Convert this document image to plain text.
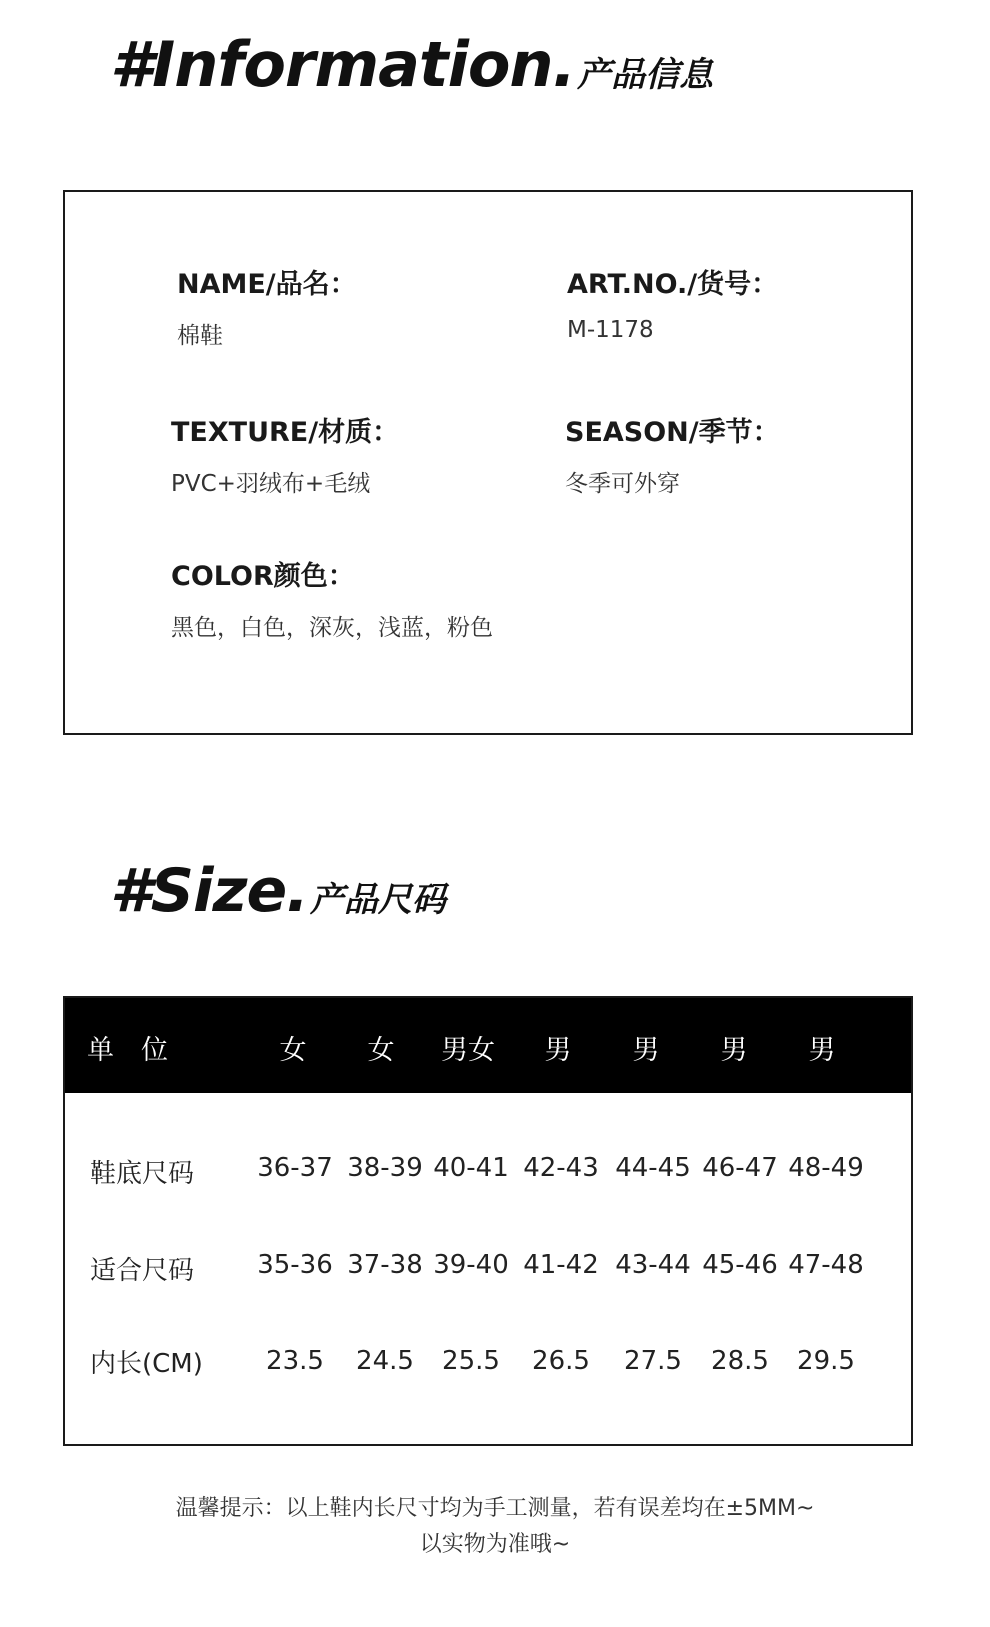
#Information.产品信息
NAME/品名：
棉鞋
ART.NO./货号：
M-1178
TEXTURE/材质：
PVC+羽绒布+毛绒
SEASON/季节：
冬季可外穿
COLOR颜色：
黑色，白色，深灰，浅蓝，粉色
#Size.产品尺码
单　位	女	女	男女	男	男	男	男
鞋底尺码 36-37 38-39 40-41 42-43 44-45 46-47 48-49
适合尺码 35-36 37-38 39-40 41-42 43-44 45-46 47-48
内长(CM)	23.5	24.5	25.5	26.5	27.5	28.5	29.5
温馨提示：以上鞋内长尺寸均为手工测量，若有误差均在±5MM~
以实物为准哦~
